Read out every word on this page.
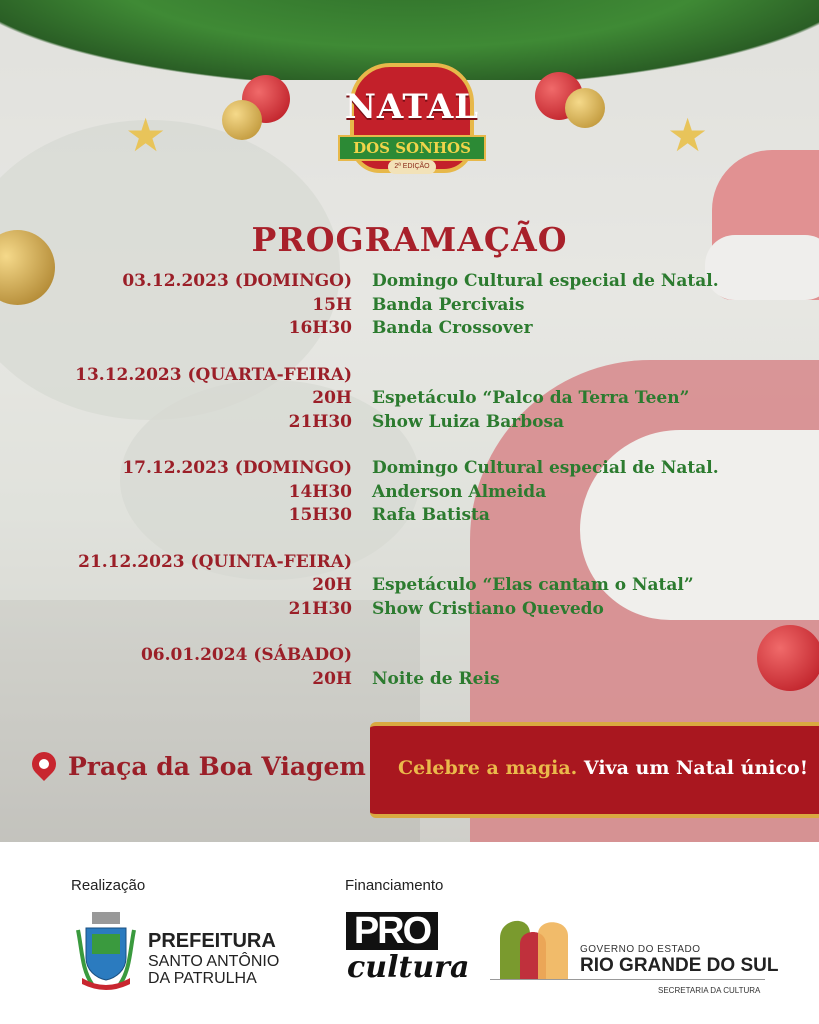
★	★
NATAL
DOS SONHOS
2ª EDIÇÃO
PROGRAMAÇÃO
03.12.2023 (DOMINGO)	Domingo Cultural especial de Natal.
15H	Banda Percivais
16H30	Banda Crossover
13.12.2023 (QUARTA-FEIRA)
20H	Espetáculo “Palco da Terra Teen”
21H30	Show Luiza Barbosa
17.12.2023 (DOMINGO)	Domingo Cultural especial de Natal.
14H30	Anderson Almeida
15H30	Rafa Batista
21.12.2023 (QUINTA-FEIRA)
20H	Espetáculo “Elas cantam o Natal”
21H30	Show Cristiano Quevedo
06.01.2024 (SÁBADO)
20H	Noite de Reis
Praça da Boa Viagem Celebre a magia. Viva um Natal único!
Realização	Financiamento
PREFEITURA
SANTO ANTÔNIO
DA PATRULHA
PRO
cultura
GOVERNO DO ESTADO
RIO GRANDE DO SUL
SECRETARIA DA CULTURA
